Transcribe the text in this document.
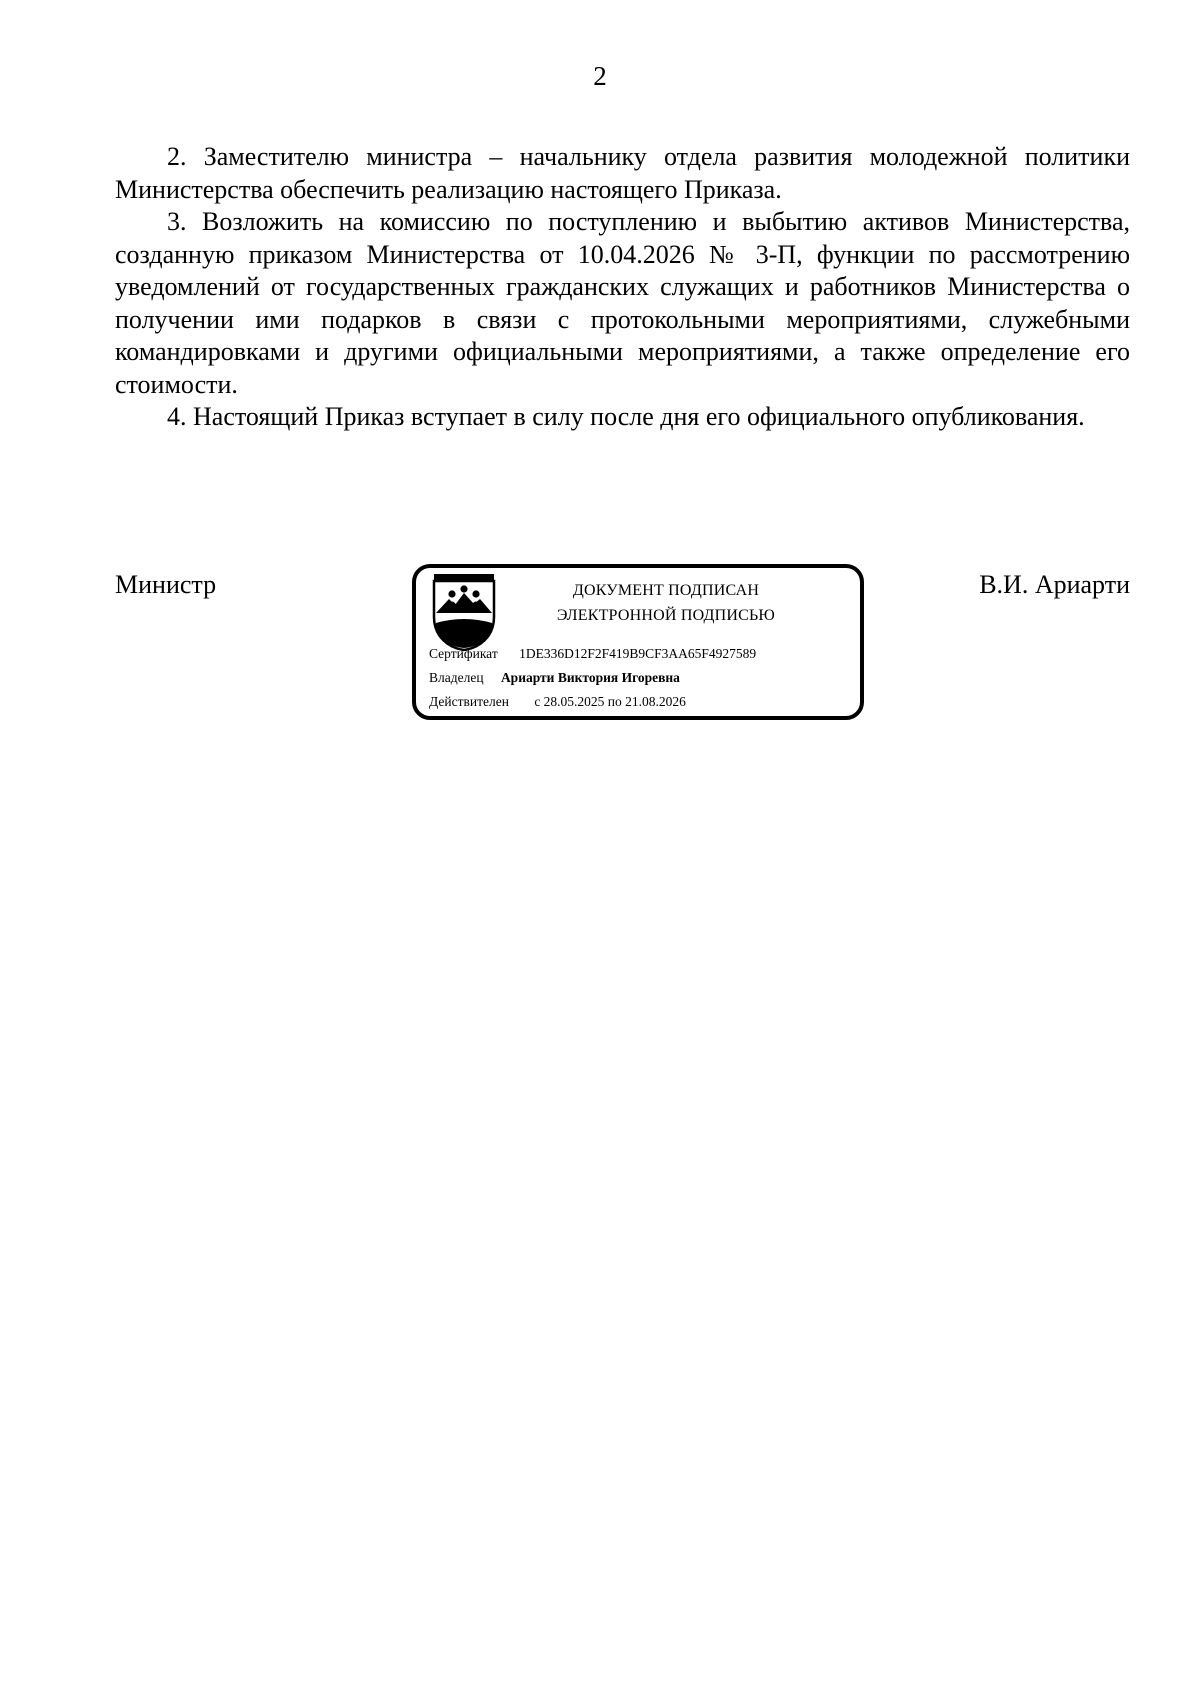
2

2. Заместителю министра – начальнику отдела развития молодежной политики Министерства обеспечить реализацию настоящего Приказа.

3. Возложить на комиссию по поступлению и выбытию активов Министерства, созданную приказом Министерства от 10.04.2026 № 3-П, функции по рассмотрению уведомлений от государственных гражданских служащих и работников Министерства о получении ими подарков в связи с протокольными мероприятиями, служебными командировками и другими официальными мероприятиями, а также определение его стоимости.

4. Настоящий Приказ вступает в силу после дня его официального опубликования.

Министр	ДОКУМЕНТ ПОДПИСАН
ЭЛЕКТРОННОЙ ПОДПИСЬЮ
Сертификат 1DE336D12F2F419B9CF3AA65F4927589
Владелец Ариарти Виктория Игоревна
Действителен с 28.05.2025 по 21.08.2026
В.И. Ариарти
